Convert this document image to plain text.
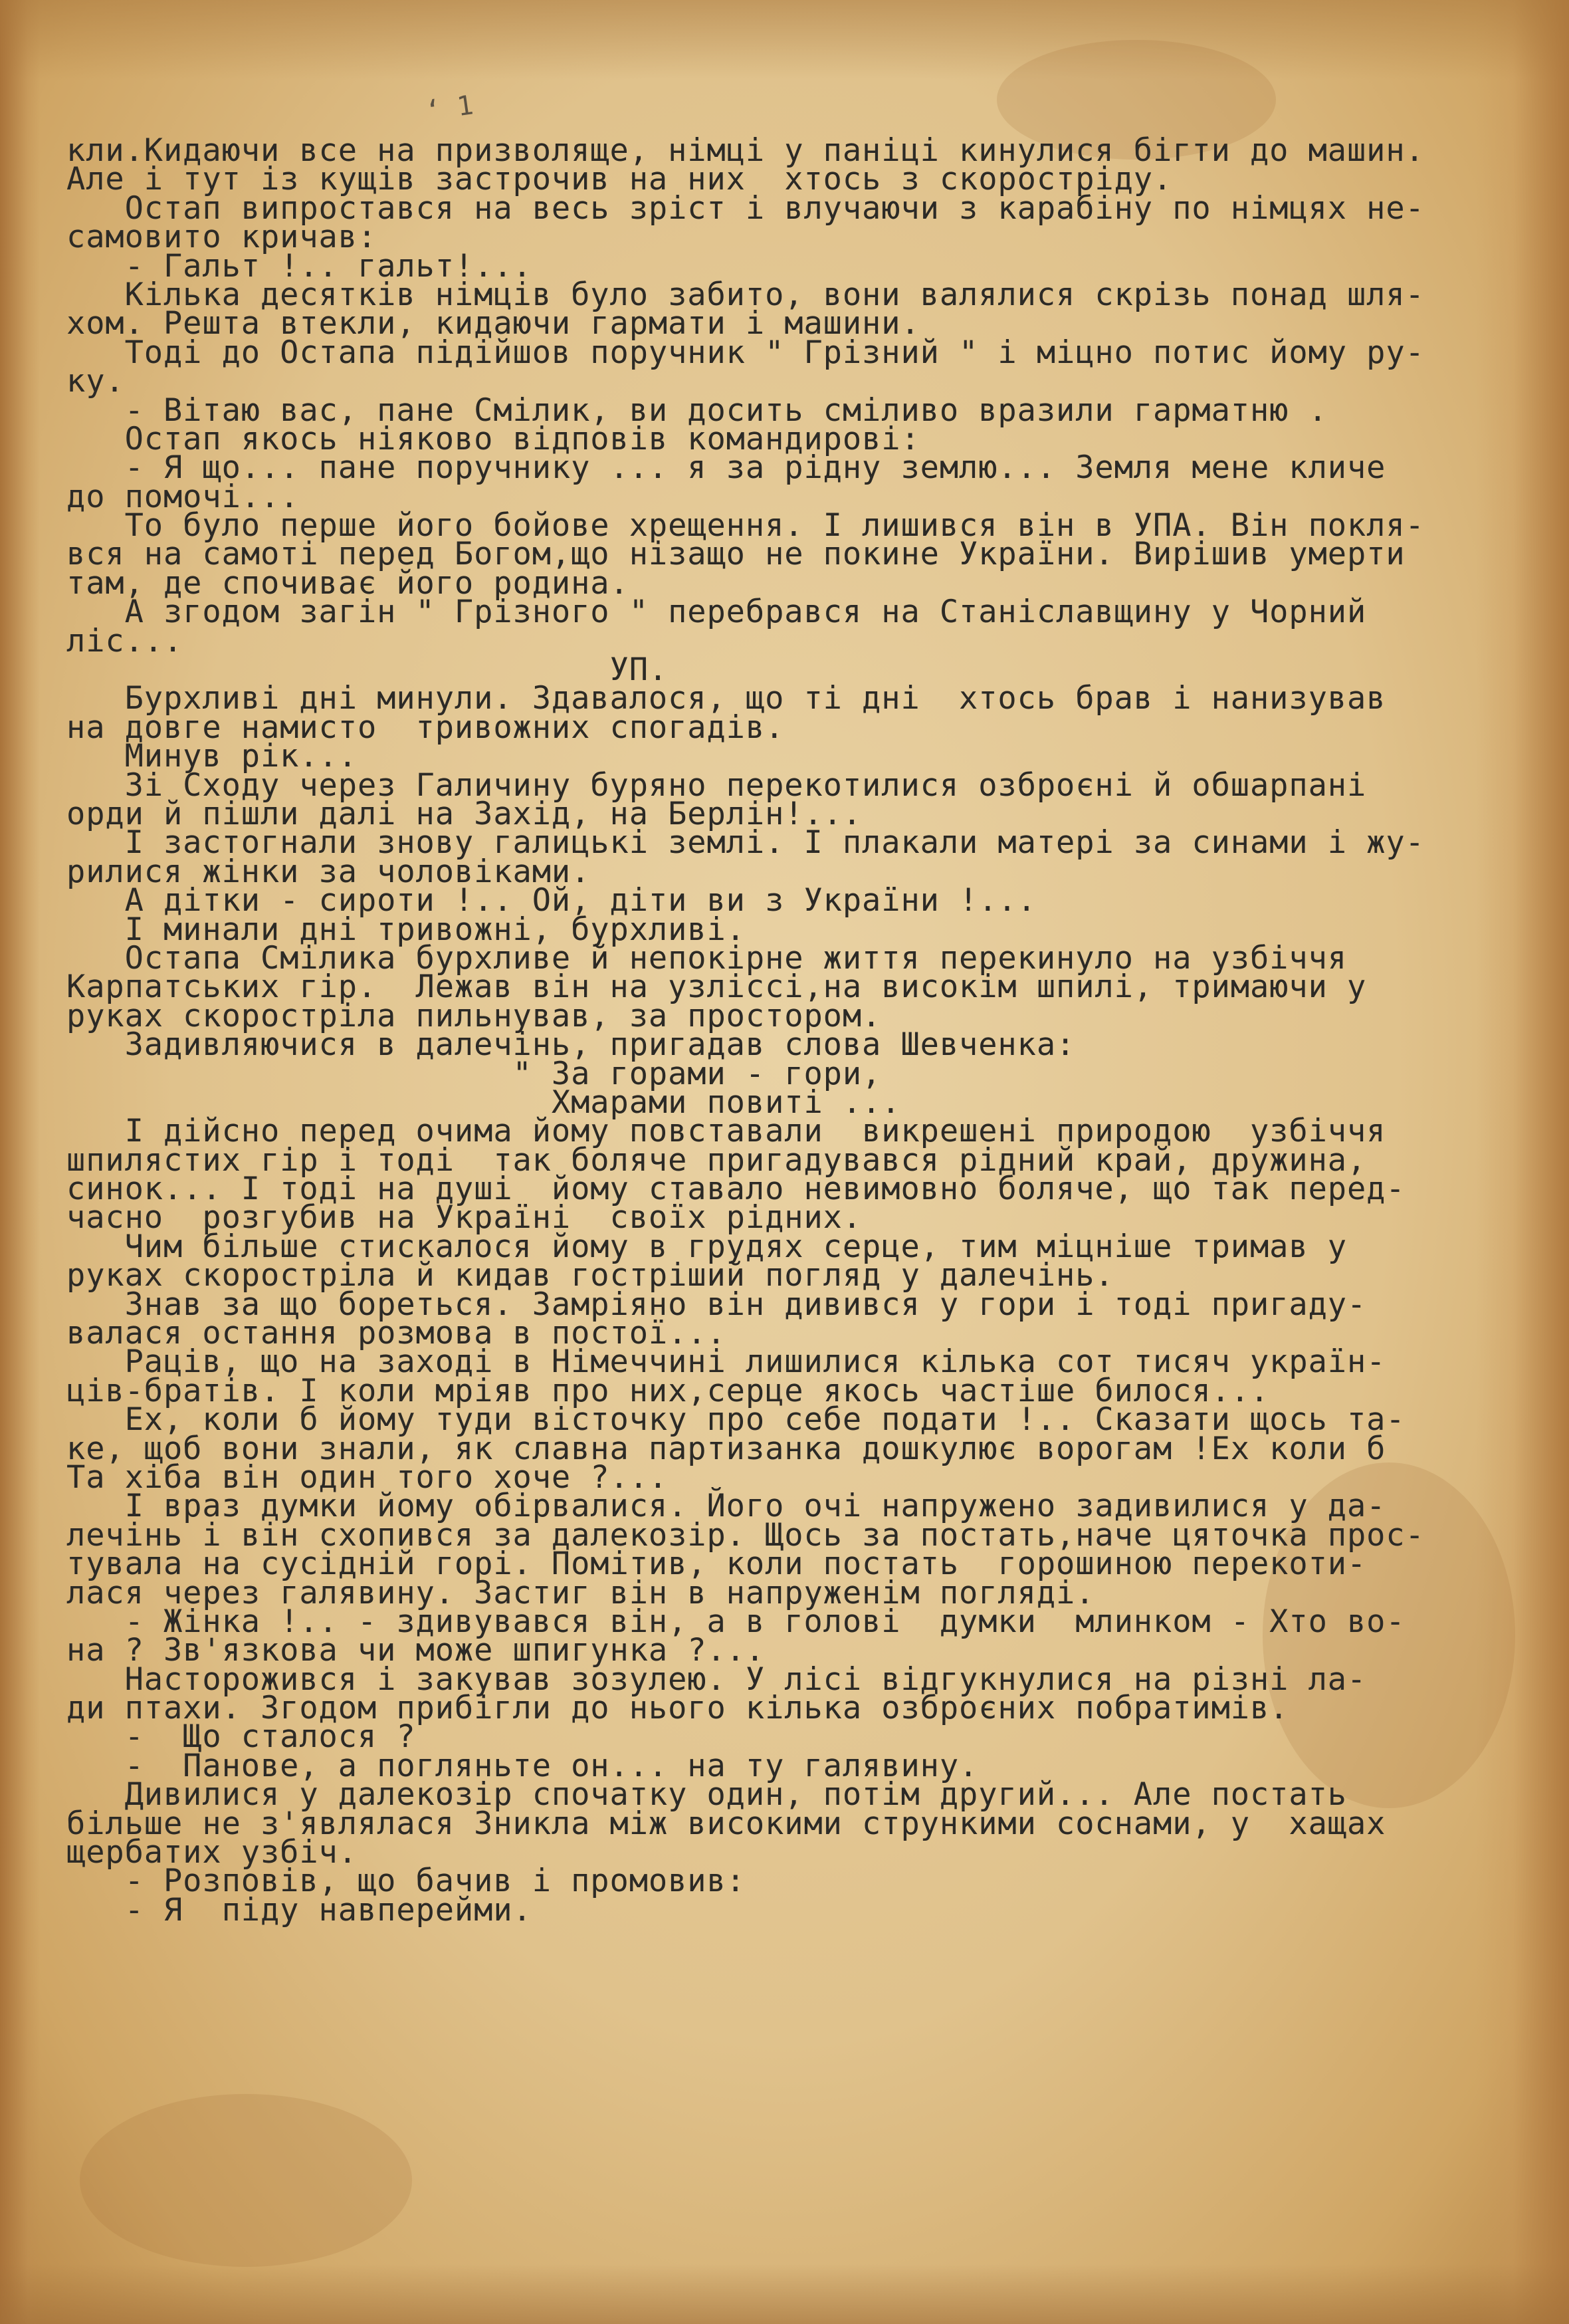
‘ 1
кли.Кидаючи все на призволяще, німці у паніці кинулися бігти до машин.
Але і тут із кущів застрочив на них  хтось з скоростріду.
Остап випростався на весь зріст і влучаючи з карабіну по німцях не-
самовито кричав:
- Гальт !.. гальт!...
Кілька десятків німців було забито, вони валялися скрізь понад шля-
хом. Решта втекли, кидаючи гармати і машини.
Тоді до Остапа підійшов поручник " Грізний " і міцно потис йому ру-
ку.
- Вітаю вас, пане Смілик, ви досить сміливо вразили гарматню .
Остап якось ніяково відповів командирові:
- Я що... пане поручнику ... я за рідну землю... Земля мене кличе
до помочі...
То було перше його бойове хрещення. І лишився він в УПА. Він покля-
вся на самоті перед Богом,що нізащо не покине України. Вирішив умерти
там, де спочиває його родина.
А згодом загін " Грізного " перебрався на Станіславщину у Чорний
ліс...
УП.
Бурхливі дні минули. Здавалося, що ті дні  хтось брав і нанизував
на довге намисто  тривожних спогадів.
Минув рік...
Зі Сходу через Галичину буряно перекотилися озброєні й обшарпані
орди й пішли далі на Захід, на Берлін!...
І застогнали знову галицькі землі. І плакали матері за синами і жу-
рилися жінки за чоловіками.
А дітки - сироти !.. Ой, діти ви з України !...
І минали дні тривожні, бурхливі.
Остапа Смілика бурхливе й непокірне життя перекинуло на узбіччя
Карпатських гір.  Лежав він на узліссі,на високім шпилі, тримаючи у
руках скоростріла пильнував, за простором.
Задивляючися в далечінь, пригадав слова Шевченка:
" За горами - гори,
Хмарами повиті ...
І дійсно перед очима йому повставали  викрешені природою  узбіччя
шпилястих гір і тоді  так боляче пригадувався рідний край, дружина,
синок... І тоді на душі  йому ставало невимовно боляче, що так перед-
часно  розгубив на Україні  своїх рідних.
Чим більше стискалося йому в грудях серце, тим міцніше тримав у
руках скоростріла й кидав гостріший погляд у далечінь.
Знав за що бореться. Замріяно він дивився у гори і тоді пригаду-
валася остання розмова в постої...
Рацiв, що на заході в Німеччині лишилися кілька сот тисяч україн-
ців-братів. І коли мріяв про них,серце якось частіше билося...
Ех, коли б йому туди вісточку про себе подати !.. Сказати щось та-
ке, щоб вони знали, як славна партизанка дошкулює ворогам !Ех коли б
Та хіба він один того хоче ?...
І враз думки йому обірвалися. Його очі напружено задивилися у да-
лечінь і він схопився за далекозір. Щось за постать,наче цяточка прос-
тувала на сусідній горі. Помітив, коли постать  горошиною перекоти-
лася через галявину. Застиг він в напруженім погляді.
- Жінка !.. - здивувався він, а в голові  думки  млинком - Хто во-
на ? Зв'язкова чи може шпигунка ?...
Насторожився і закував зозулею. У лісі відгукнулися на різні ла-
ди птахи. Згодом прибігли до нього кілька озброєних побратимів.
-  Що сталося ?
-  Панове, а погляньте он... на ту галявину.
Дивилися у далекозір спочатку один, потім другий... Але постать
більше не з'являлася Зникла між високими стрункими соснами, у  хащах
щербатих узбіч.
- Розповів, що бачив і промовив:
- Я  піду навперейми.
